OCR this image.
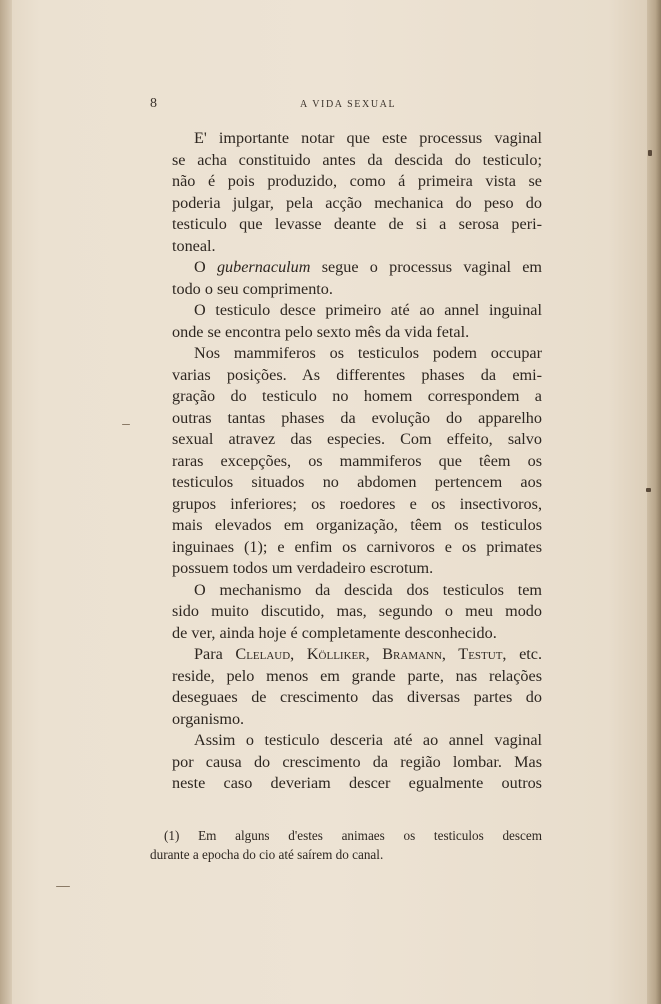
8	A VIDA SEXUAL

E' importante notar que este processus vaginal
se acha constituido antes da descida do testiculo;
não é pois produzido, como á primeira vista se
poderia julgar, pela acção mechanica do peso do
testiculo que levasse deante de si a serosa peri-
toneal.

O gubernaculum segue o processus vaginal em
todo o seu comprimento.

O testiculo desce primeiro até ao annel inguinal
onde se encontra pelo sexto mês da vida fetal.

Nos mammiferos os testiculos podem occupar
varias posições. As differentes phases da emi-
gração do testiculo no homem correspondem a
outras tantas phases da evolução do apparelho
sexual atravez das especies. Com effeito, salvo
raras excepções, os mammiferos que têem os
testiculos situados no abdomen pertencem aos
grupos inferiores; os roedores e os insectivoros,
mais elevados em organização, têem os testiculos
inguinaes (1); e enfim os carnivoros e os primates
possuem todos um verdadeiro escrotum.

O mechanismo da descida dos testiculos tem
sido muito discutido, mas, segundo o meu modo
de ver, ainda hoje é completamente desconhecido.

Para Clelaud, Kölliker, Bramann, Testut, etc.
reside, pelo menos em grande parte, nas relações
deseguaes de crescimento das diversas partes do
organismo.

Assim o testiculo desceria até ao annel vaginal
por causa do crescimento da região lombar. Mas
neste caso deveriam descer egualmente outros

(1) Em alguns d'estes animaes os testiculos descem
durante a epocha do cio até saírem do canal.
